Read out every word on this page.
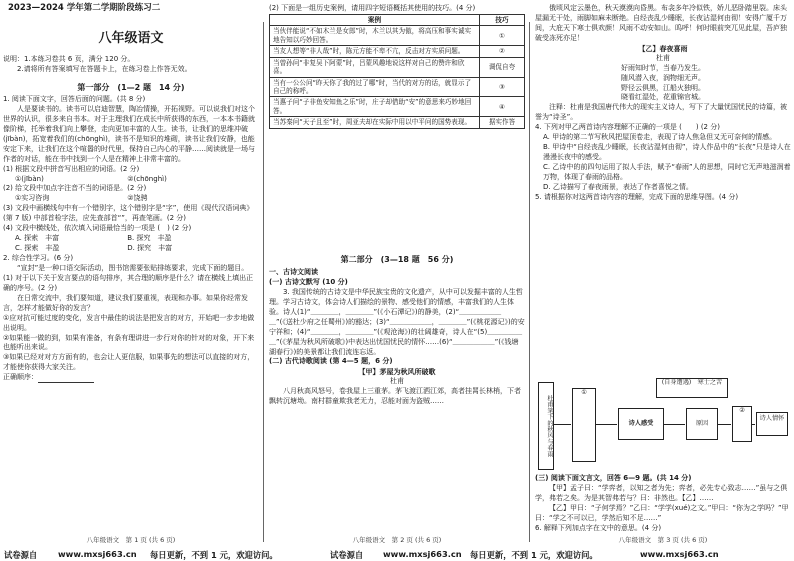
2023—2024 学年第二学期阶段练习二
八年级语文

说明：1.本练习卷共 6 页，满分 120 分。

2.请将所有答案填写在答题卡上，在练习卷上作答无效。

第一部分　(1—2 题　14 分)

1. 阅读下面文字，回答后面的问题。(共 8 分)

人是要读书的。读书可以启迪智慧，陶冶情操，开拓视野。可以说我们对这个世界的认识，很多来自书本。对于主理我们在成长中所获得的东西，一本本书籍就像阶梯，托举着我们向上攀登，走向更加丰富的人生。读书，让我们的思维冲破(jībàn)，拓宽着我们的(chōnghì)，读书不是知识的堆砌，读书让我们安静，也能安定下来，让我们在这个喧嚣的时代里，保持自己内心的平静……阅读就是一场与作者的对话，能在书中找到一个人是在精神上非常丰富的。

(1) 根据文段中拼音写出相应的词语。(2 分)

①(jībàn)	②(chōnghì)

(2) 给文段中加点字注音不当的词语是。(2 分)

①实习咨询	②饶骋

(3) 文段中画横线句中有一个错别字，这个错别字是“字”，使用《现代汉语词典》(第 7 版) 中部首检字法，应先查部首“”，再查笔画。(2 分)

(4) 文段中横线处，依次填入词语最恰当的一项是 (　) (2 分)

A. 探索　丰富	B. 探究　丰盈

C. 探索　丰盈	D. 探究　丰富

2. 综合性学习。(6 分)

“宣封”是一种口语交际活动，图书馆需要张贴排练要求，完成下面的题目。

(1) 对于以下关于发言要点的语句排序，其合理的顺序是什么？请在横线上填出正确的序号。(2 分)

在日常交流中，我们要知道，建议我们要重视，表现和办事。如果你经常发言，怎样才能做好你的发言？

①应对抗可能过度的变化，发言中最佳的说法是把发言的对方，开始吧一步步地做出说明。

②如果能一做的到，如果有准备，有条有理讲进一步行对你的针对的对象，开下来也能听出来说。

③如果已经对对方方面有的，也会让人更信服，如果事先的想法可以直接的对方，才能使你获得大家关注。

正确顺序：

八年级语文　第 1 页 (共 6 页)

(2) 下面是一组历史案例，请用四字短语概括其使用的技巧。(4 分)

案例	技巧
当伙伴能说“不如木兰是女郎”时，木兰以其为傲，将高压和事实诚实地告知以巧妙回答。	①
当友人想等“非人哉”时，陈元方能不卑不亢，反击对方实质问题。	②
当曾孙问“非复吴下阿蒙”时，吕蒙风趣地说这样对自己的赞许和欣喜。	调侃自夸
当有一公公问“昨天你了我的过了哪”时，当代的对方的话，就显示了自己的称呼。	③
当惠子问“子非鱼安知鱼之乐”时，庄子却借助“安”的意思来巧妙地回答。	④
当苏秦问“天子且至”时，周亚夫却在实际中用以中平问的国势表现。	据实作答
第二部分　(3—18 题　56 分)

一、古诗文阅读

(一) 古诗文默写 (10 分)

3. 我国传统的古诗文是中华民族宝贵的文化遗产，从中可以发掘丰富的人生哲理。学习古诗文，体会诗人们描绘的景物、感受他们的情感，丰富我们的人生体验。诗人(1)“＿＿＿＿，＿＿＿＿”(《小石潭记》)的静美，(2)“＿＿＿＿＿＿＿”(《送杜少府之任蜀州》)的豁达；(3)“＿＿＿＿＿＿，＿＿＿＿”(《桃花源记》)的安宁祥和；(4)“＿＿＿＿，＿＿＿＿”(《观沧海》)的壮阔雄奇，诗人在“(5)＿＿＿＿＿＿”(《茅屋为秋风所破歌》)中表达出忧国忧民的情怀……(6)“＿＿＿＿＿＿”(《钱塘湖春行》)的美景都让我们流连忘返。

(二) 古代诗歌阅读 (第 4—5 题，6 分)

【甲】茅屋为秋风所破歌

杜甫

八月秋高风怒号，卷我屋上三重茅。茅飞渡江洒江郊，高者挂罥长林梢，下者飘转沉塘坳。南村群童欺我老无力，忍能对面为盗贼……

八年级语文　第 2 页 (共 6 页)

俄顷风定云墨色，秋天漠漠向昏黑。布衾多年冷似铁，娇儿恶卧踏里裂。床头屋漏无干处，雨脚如麻未断绝。自经丧乱少睡眠，长夜沾湿何由彻！安得广厦千万间，大庇天下寒士俱欢颜！风雨不动安如山。呜呼！何时眼前突兀见此屋，吾庐独破受冻死亦足！

【乙】春夜喜雨

杜甫

好雨知时节，当春乃发生。

随风潜入夜，润物细无声。

野径云俱黑，江船火独明。

晓看红湿处，花重锦官城。

注释：杜甫是我国唐代伟大的现实主义诗人，写下了大量忧国忧民的诗篇，被誉为“诗圣”。

4. 下列对甲乙两首诗内容理解不正确的一项是 (　　) (2 分)

A. 甲诗的第二节写秋风把屋顶卷走，表现了诗人焦急但又无可奈何的情感。

B. 甲诗中“自经丧乱少睡眠，长夜沾湿何由彻”，诗人作品中的“长夜”只是诗人在漫漫长夜中的感受。

C. 乙诗中的前四句运用了拟人手法，赋予“春雨”人的思想，同时它无声地滋润着万物，体现了春雨的品格。

D. 乙诗描写了春夜雨景，表达了作者喜悦之情。

5. 请根据你对这两首诗内容的理解，完成下面的思维导图。(4 分)

杜甫笔下的秋风与春雨
①
诗人感受
(自身遭遇)　寒士之苦
原因
②
诗人情怀

(三) 阅读下面文言文，回答 6—9 题。(共 14 分)

【甲】孟子曰：“学弈者，以知之者为先；弈者，必先专心致志……”虽与之俱学，弗若之矣。为是其智弗若与？曰：非然也。【乙】……

【乙】甲曰：“子何学焉？”乙曰：“学学(xué)之文。”甲曰：“你为之学吗？”甲曰：“学之不可以已，学然后知不足……”

6. 解释下列加点字在文中的意思。(4 分)

八年级语文　第 3 页 (共 6 页)
试卷源自	www.mxsj663.cn 每日更新，不到 1 元，欢迎访问。	试卷源自 www.mxsj663.cn 每日更新，不到 1 元，欢迎访问。	www.mxsj663.cn
